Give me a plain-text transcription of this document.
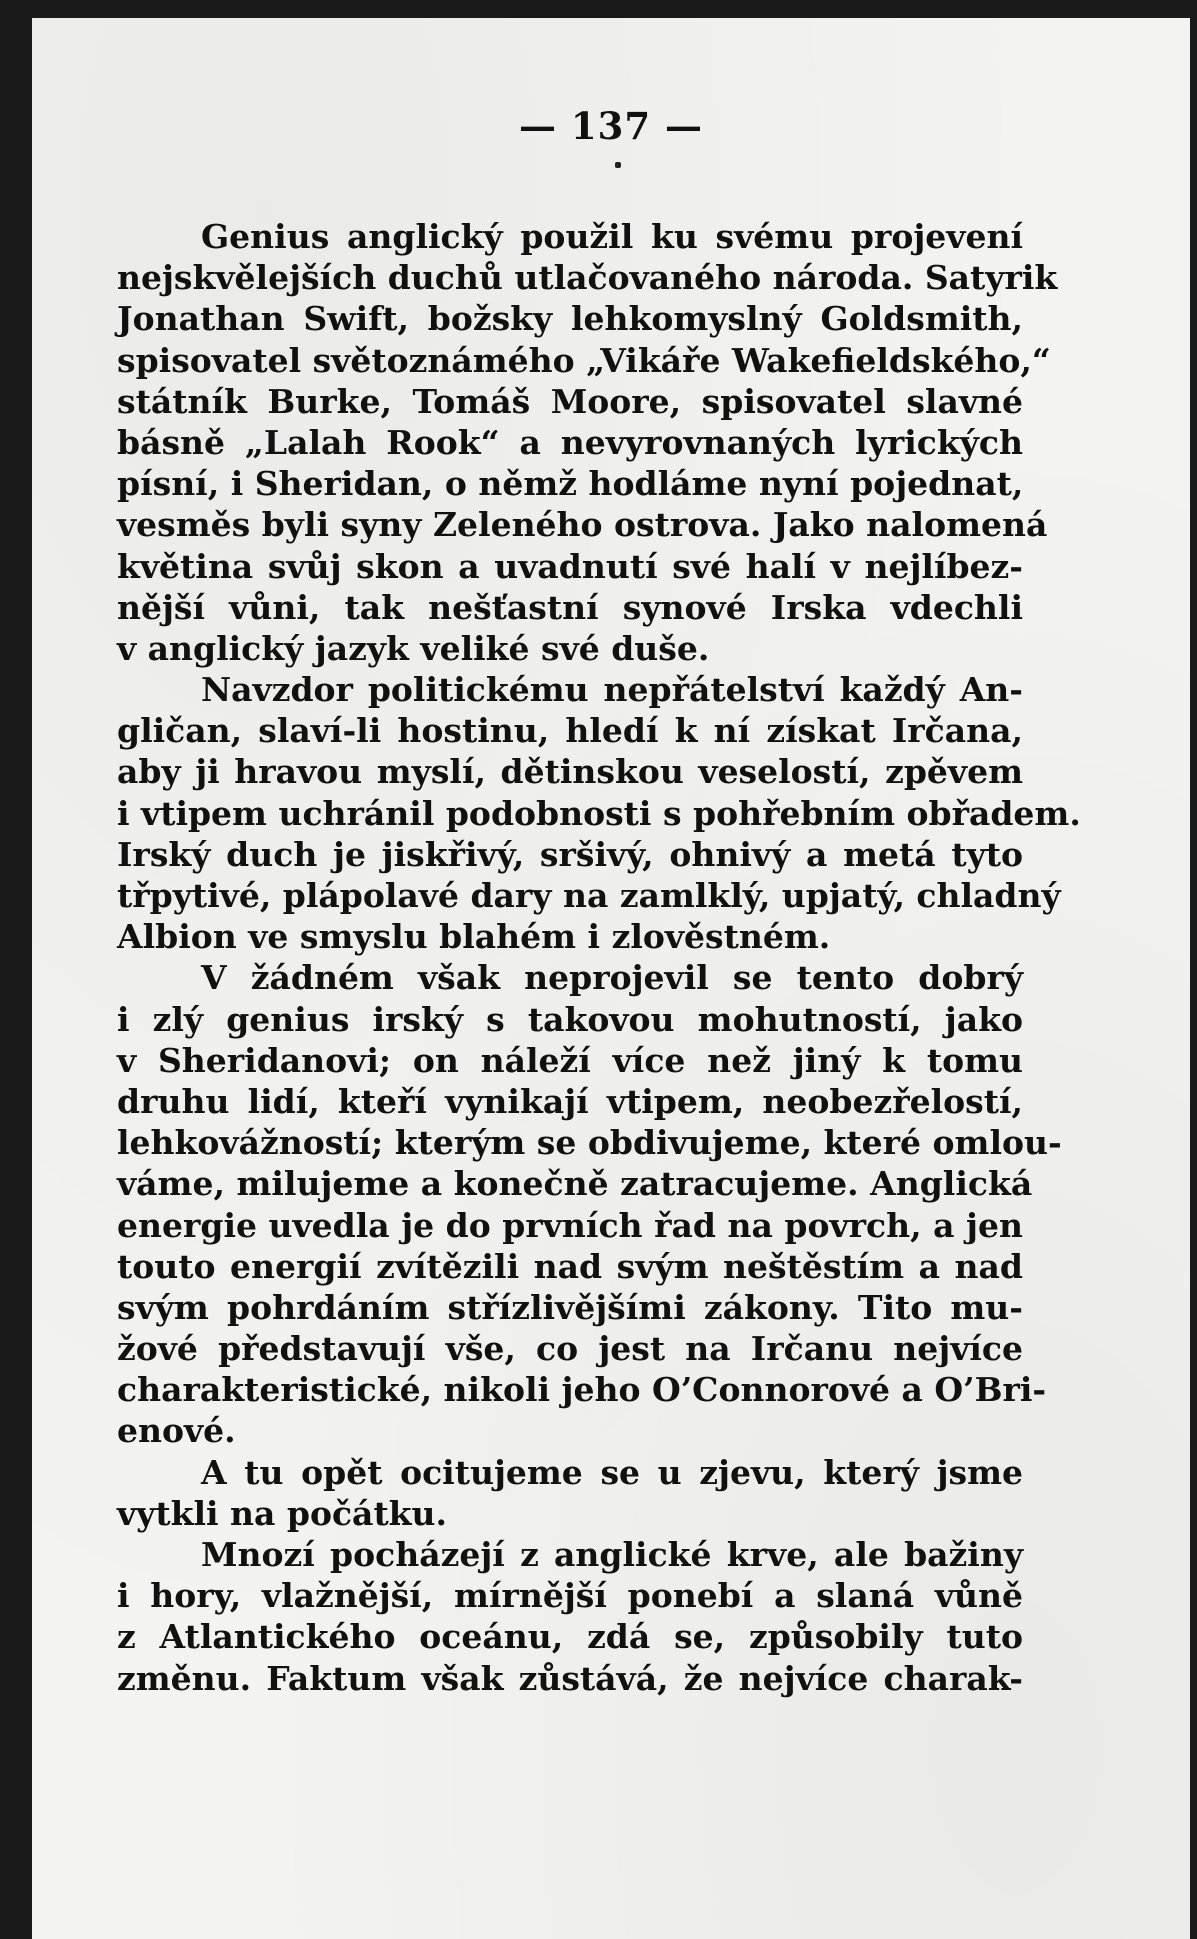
— 137 —
Genius anglický použil ku svému projevení
nejskvělejších duchů utlačovaného národa. Satyrik
Jonathan Swift, božsky lehkomyslný Goldsmith,
spisovatel světoznámého „Vikáře Wakefieldského,“
státník Burke, Tomáš Moore, spisovatel slavné
básně „Lalah Rook“ a nevyrovnaných lyrických
písní, i Sheridan, o němž hodláme nyní pojednat,
vesměs byli syny Zeleného ostrova. Jako nalomená
květina svůj skon a uvadnutí své halí v nejlíbez-
nější vůni, tak nešťastní synové Irska vdechli
v anglický jazyk veliké své duše.
Navzdor politickému nepřátelství každý An-
gličan, slaví-li hostinu, hledí k ní získat Irčana,
aby ji hravou myslí, dětinskou veselostí, zpěvem
i vtipem uchránil podobnosti s pohřebním obřadem.
Irský duch je jiskřivý, sršivý, ohnivý a metá tyto
třpytivé, plápolavé dary na zamlklý, upjatý, chladný
Albion ve smyslu blahém i zlověstném.
V žádném však neprojevil se tento dobrý
i zlý genius irský s takovou mohutností, jako
v Sheridanovi; on náleží více než jiný k tomu
druhu lidí, kteří vynikají vtipem, neobezřelostí,
lehkovážností; kterým se obdivujeme, které omlou-
váme, milujeme a konečně zatracujeme. Anglická
energie uvedla je do prvních řad na povrch, a jen
touto energií zvítězili nad svým neštěstím a nad
svým pohrdáním střízlivějšími zákony. Tito mu-
žové představují vše, co jest na Irčanu nejvíce
charakteristické, nikoli jeho O’Connorové a O’Bri-
enové.
A tu opět ocitujeme se u zjevu, který jsme
vytkli na počátku.
Mnozí pocházejí z anglické krve, ale bažiny
i hory, vlažnější, mírnější ponebí a slaná vůně
z Atlantického oceánu, zdá se, způsobily tuto
změnu. Faktum však zůstává, že nejvíce charak-
